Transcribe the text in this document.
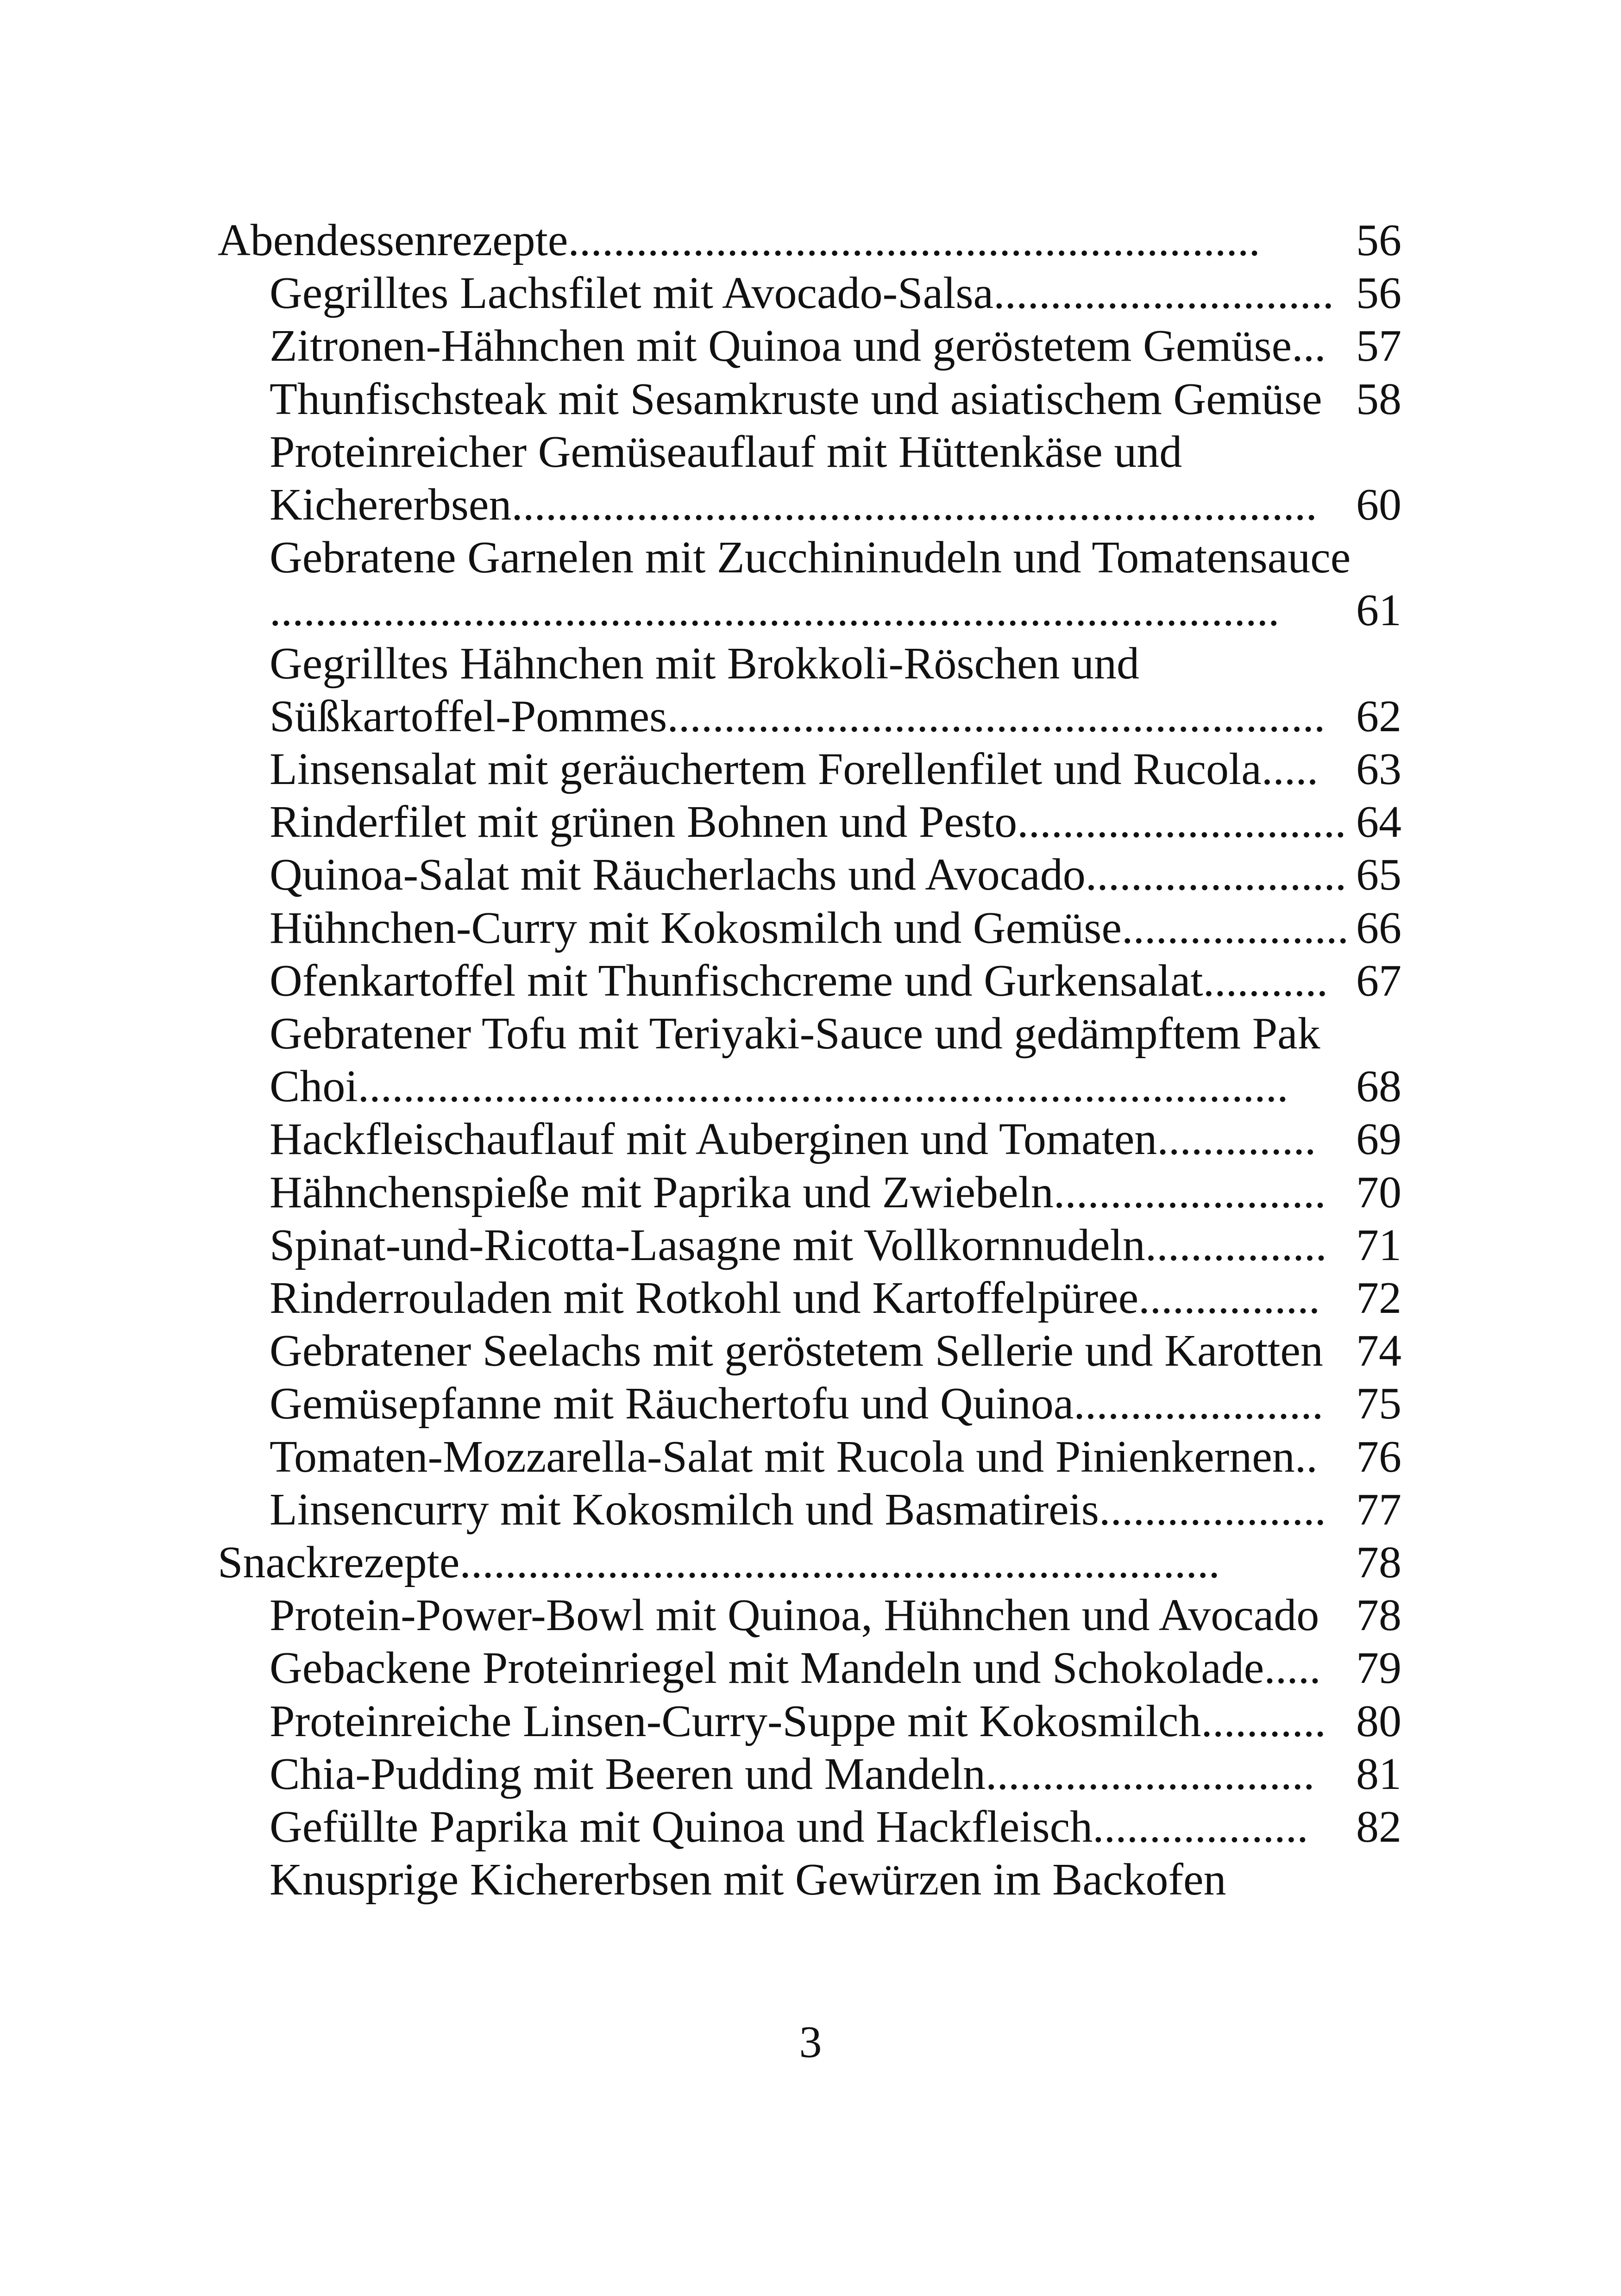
Abendessenrezepte .............................................................	56
Gegrilltes Lachsfilet mit Avocado-Salsa .............................. 56
Zitronen-Hähnchen mit Quinoa und geröstetem Gemüse ... 57
Thunfischsteak mit Sesamkruste und asiatischem Gemüse 58
Proteinreicher Gemüseauflauf mit Hüttenkäse und
Kichererbsen ....................................................................... 60
Gebratene Garnelen mit Zucchininudeln und Tomatensauce
.........................................................................................	61
Gegrilltes Hähnchen mit Brokkoli-Röschen und
Süßkartoffel-Pommes .......................................................... 62
Linsensalat mit geräuchertem Forellenfilet und Rucola ..... 63
Rinderfilet mit grünen Bohnen und Pesto ............................. 64
Quinoa-Salat mit Räucherlachs und Avocado ....................... 65
Hühnchen-Curry mit Kokosmilch und Gemüse .................... 66
Ofenkartoffel mit Thunfischcreme und Gurkensalat ........... 67
Gebratener Tofu mit Teriyaki-Sauce und gedämpftem Pak
Choi ..................................................................................	68
Hackfleischauflauf mit Auberginen und Tomaten .............. 69
Hähnchenspieße mit Paprika und Zwiebeln ........................ 70
Spinat-und-Ricotta-Lasagne mit Vollkornnudeln ................ 71
Rinderrouladen mit Rotkohl und Kartoffelpüree ................ 72
Gebratener Seelachs mit geröstetem Sellerie und Karotten 74
Gemüsepfanne mit Räuchertofu und Quinoa ...................... 75
Tomaten-Mozzarella-Salat mit Rucola und Pinienkernen. . 76
Linsencurry mit Kokosmilch und Basmatireis .................... 77
Snackrezepte ...................................................................	78
Protein-Power-Bowl mit Quinoa, Hühnchen und Avocado 78
Gebackene Proteinriegel mit Mandeln und Schokolade ..... 79
Proteinreiche Linsen-Curry-Suppe mit Kokosmilch ........... 80
Chia-Pudding mit Beeren und Mandeln ............................. 81
Gefüllte Paprika mit Quinoa und Hackfleisch ...................	82
Knusprige Kichererbsen mit Gewürzen im Backofen
3
